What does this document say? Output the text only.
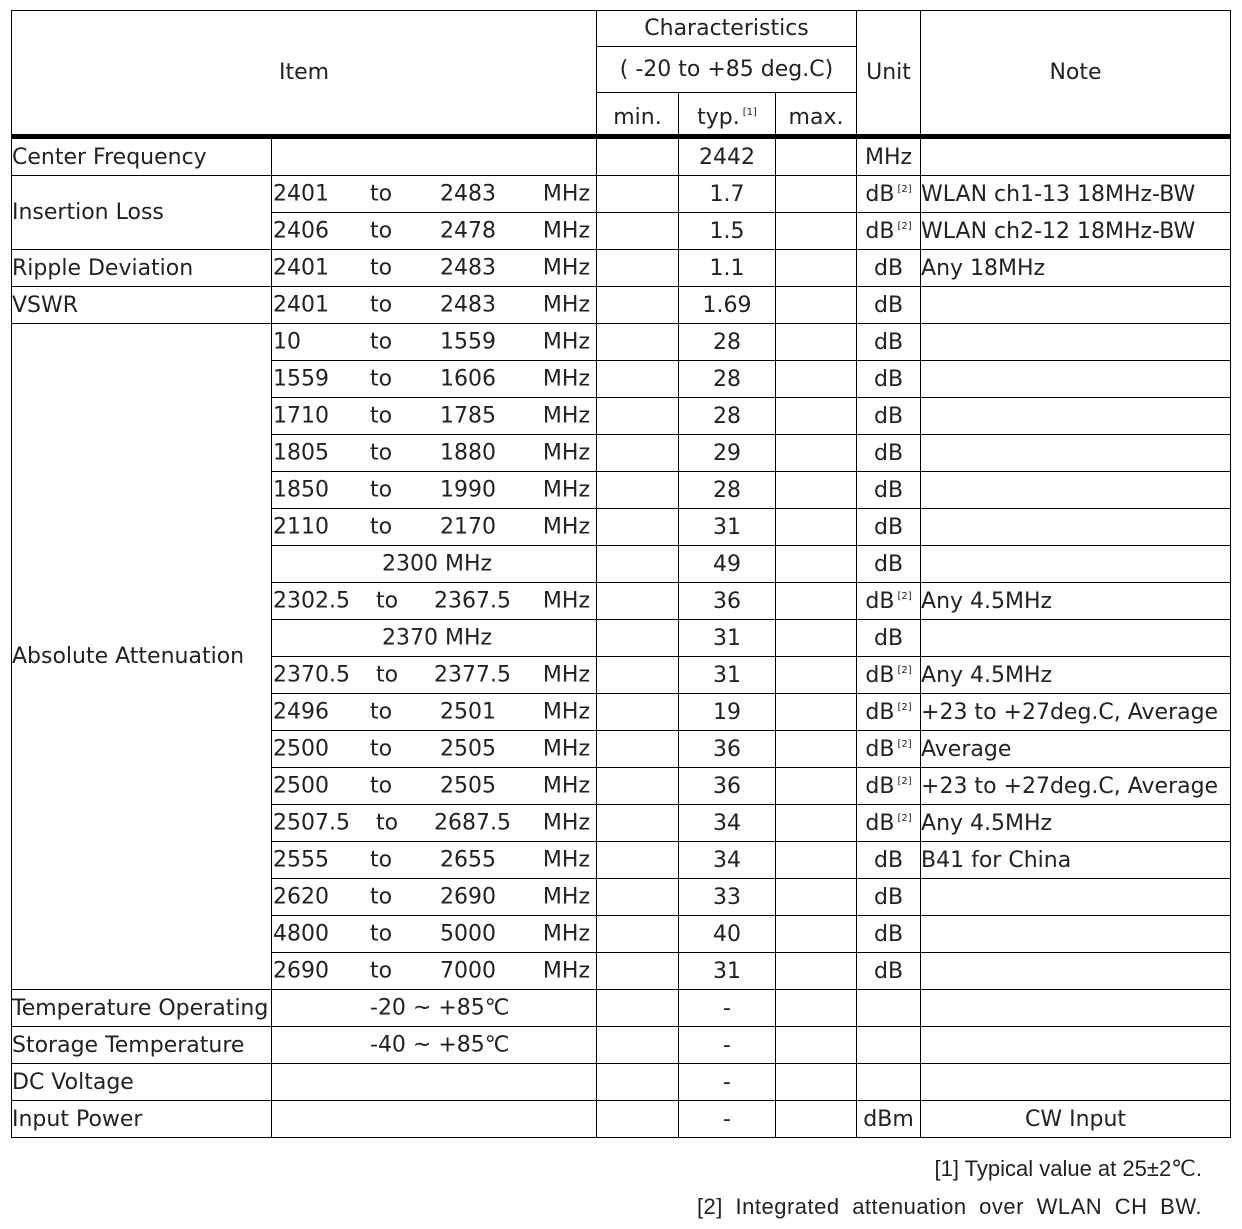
Item		Characteristics			Unit	Note
		( -20 to +85 deg.C)				
		min.	typ. [1]	max.		
Center Frequency			2442		MHz	
Insertion Loss	2401 to 2483 MHz		1.7		dB [2]	WLAN ch1-13 18MHz-BW

	2406 to 2478 MHz		1.5		dB [2]	WLAN ch2-12 18MHz-BW
Ripple Deviation	2401 to 2483 MHz		1.1		dB	Any 18MHz
VSWR	2401 to 2483 MHz		1.69		dB	
Absolute Attenuation	10 to 1559 MHz		28		dB	

	1559 to 1606 MHz		28		dB	

	1710 to 1785 MHz		28		dB	

	1805 to 1880 MHz		29		dB	

	1850 to 1990 MHz		28		dB	

	2110 to 2170 MHz		31		dB	

	2300 MHz		49		dB	

	2302.5 to 2367.5 MHz		36		dB [2]	Any 4.5MHz

	2370 MHz		31		dB	

	2370.5 to 2377.5 MHz		31		dB [2]	Any 4.5MHz

	2496 to 2501 MHz		19		dB [2]	+23 to +27deg.C, Average

	2500 to 2505 MHz		36		dB [2]	Average

	2500 to 2505 MHz		36		dB [2]	+23 to +27deg.C, Average

	2507.5 to 2687.5 MHz		34		dB [2]	Any 4.5MHz

	2555 to 2655 MHz		34		dB	B41 for China

	2620 to 2690 MHz		33		dB	

	4800 to 5000 MHz		40		dB	

	2690 to 7000 MHz		31		dB	
Temperature Operating	-20 ~ +85℃		-			
Storage Temperature	-40 ~ +85℃		-			
DC Voltage			-			
Input Power			-		dBm	CW Input
[1] Typical value at 25±2℃.
[2] Integrated attenuation over WLAN CH BW.
